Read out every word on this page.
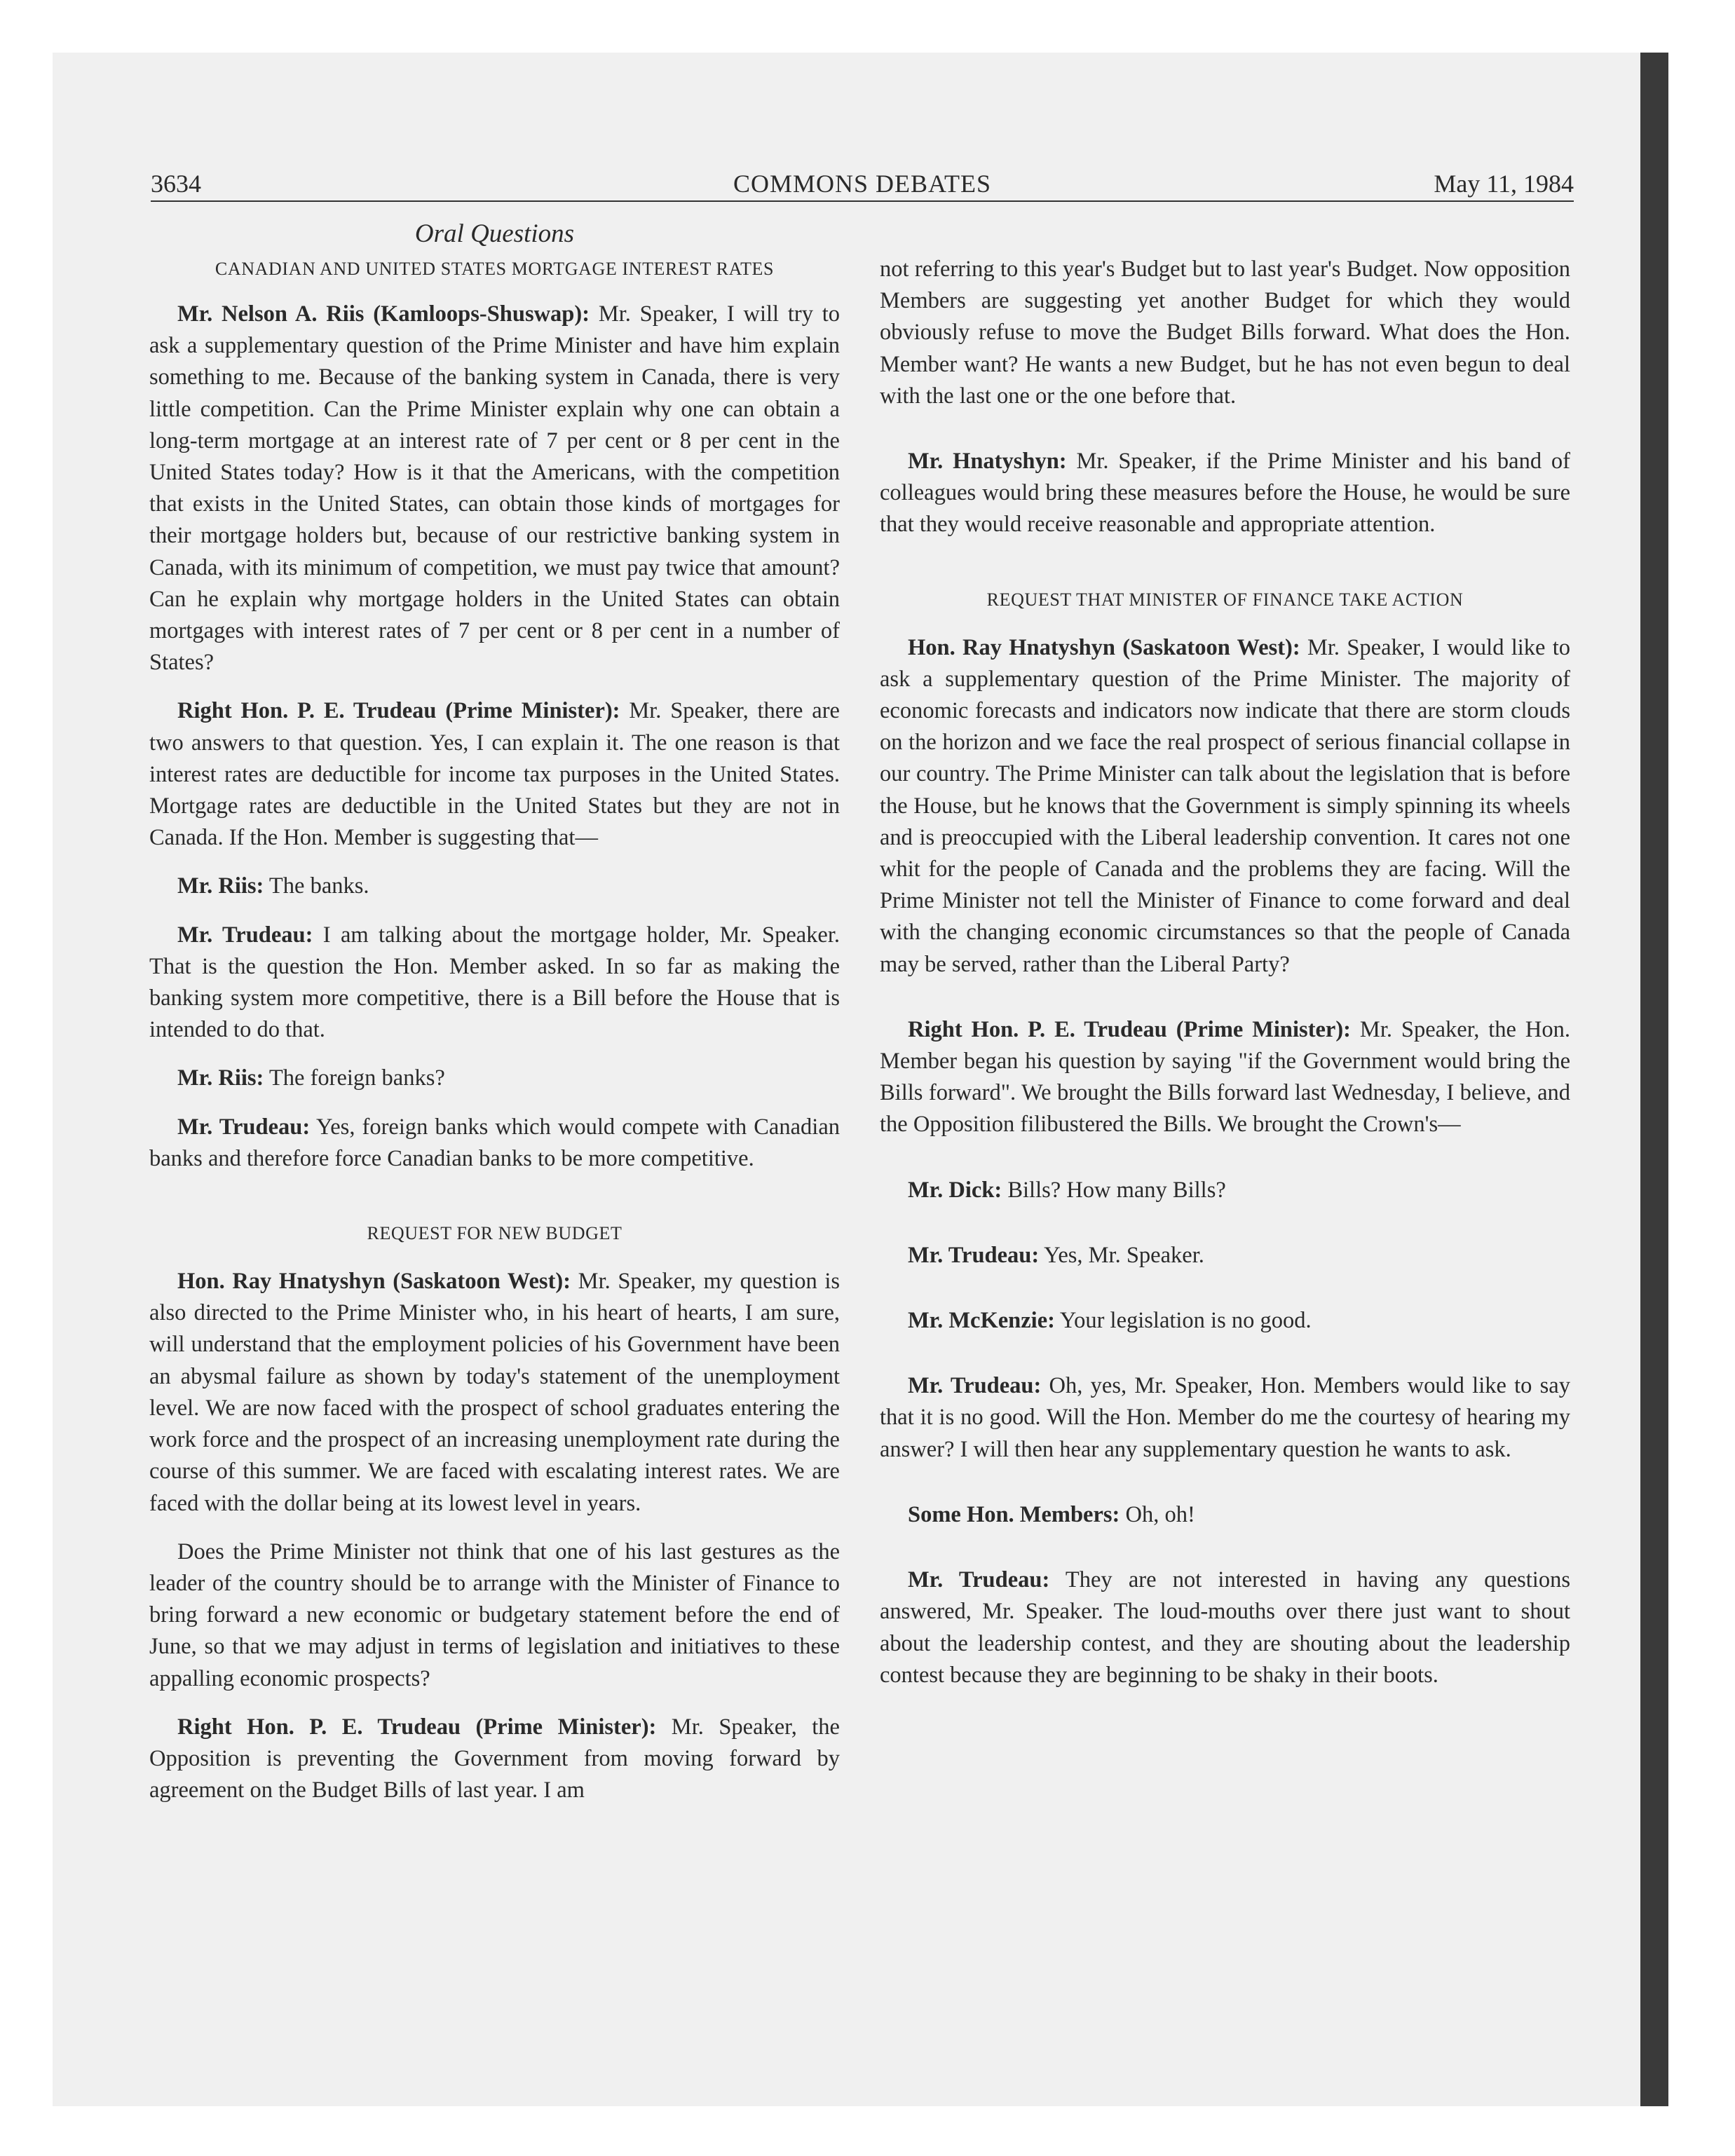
3634	COMMONS DEBATES	May 11, 1984
Oral Questions
CANADIAN AND UNITED STATES MORTGAGE INTEREST RATES

Mr. Nelson A. Riis (Kamloops-Shuswap): Mr. Speaker, I will try to ask a supplementary question of the Prime Minister and have him explain something to me. Because of the banking system in Canada, there is very little competition. Can the Prime Minister explain why one can obtain a long-term mortgage at an interest rate of 7 per cent or 8 per cent in the United States today? How is it that the Americans, with the competition that exists in the United States, can obtain those kinds of mortgages for their mortgage holders but, because of our restrictive banking system in Canada, with its minimum of competition, we must pay twice that amount? Can he explain why mortgage holders in the United States can obtain mortgages with interest rates of 7 per cent or 8 per cent in a number of States?

Right Hon. P. E. Trudeau (Prime Minister): Mr. Speaker, there are two answers to that question. Yes, I can explain it. The one reason is that interest rates are deductible for income tax purposes in the United States. Mortgage rates are deductible in the United States but they are not in Canada. If the Hon. Member is suggesting that—

Mr. Riis: The banks.

Mr. Trudeau: I am talking about the mortgage holder, Mr. Speaker. That is the question the Hon. Member asked. In so far as making the banking system more competitive, there is a Bill before the House that is intended to do that.

Mr. Riis: The foreign banks?

Mr. Trudeau: Yes, foreign banks which would compete with Canadian banks and therefore force Canadian banks to be more competitive.

REQUEST FOR NEW BUDGET

Hon. Ray Hnatyshyn (Saskatoon West): Mr. Speaker, my question is also directed to the Prime Minister who, in his heart of hearts, I am sure, will understand that the employment policies of his Government have been an abysmal failure as shown by today's statement of the unemployment level. We are now faced with the prospect of school graduates entering the work force and the prospect of an increasing unemployment rate during the course of this summer. We are faced with escalating interest rates. We are faced with the dollar being at its lowest level in years.

Does the Prime Minister not think that one of his last gestures as the leader of the country should be to arrange with the Minister of Finance to bring forward a new economic or budgetary statement before the end of June, so that we may adjust in terms of legislation and initiatives to these appalling economic prospects?

Right Hon. P. E. Trudeau (Prime Minister): Mr. Speaker, the Opposition is preventing the Government from moving forward by agreement on the Budget Bills of last year. I am

not referring to this year's Budget but to last year's Budget. Now opposition Members are suggesting yet another Budget for which they would obviously refuse to move the Budget Bills forward. What does the Hon. Member want? He wants a new Budget, but he has not even begun to deal with the last one or the one before that.

Mr. Hnatyshyn: Mr. Speaker, if the Prime Minister and his band of colleagues would bring these measures before the House, he would be sure that they would receive reasonable and appropriate attention.

REQUEST THAT MINISTER OF FINANCE TAKE ACTION

Hon. Ray Hnatyshyn (Saskatoon West): Mr. Speaker, I would like to ask a supplementary question of the Prime Minister. The majority of economic forecasts and indicators now indicate that there are storm clouds on the horizon and we face the real prospect of serious financial collapse in our country. The Prime Minister can talk about the legislation that is before the House, but he knows that the Government is simply spinning its wheels and is preoccupied with the Liberal leadership convention. It cares not one whit for the people of Canada and the problems they are facing. Will the Prime Minister not tell the Minister of Finance to come forward and deal with the changing economic circumstances so that the people of Canada may be served, rather than the Liberal Party?

Right Hon. P. E. Trudeau (Prime Minister): Mr. Speaker, the Hon. Member began his question by saying "if the Government would bring the Bills forward". We brought the Bills forward last Wednesday, I believe, and the Opposition filibustered the Bills. We brought the Crown's—

Mr. Dick: Bills? How many Bills?

Mr. Trudeau: Yes, Mr. Speaker.

Mr. McKenzie: Your legislation is no good.

Mr. Trudeau: Oh, yes, Mr. Speaker, Hon. Members would like to say that it is no good. Will the Hon. Member do me the courtesy of hearing my answer? I will then hear any supplementary question he wants to ask.

Some Hon. Members: Oh, oh!

Mr. Trudeau: They are not interested in having any questions answered, Mr. Speaker. The loud-mouths over there just want to shout about the leadership contest, and they are shouting about the leadership contest because they are beginning to be shaky in their boots.
